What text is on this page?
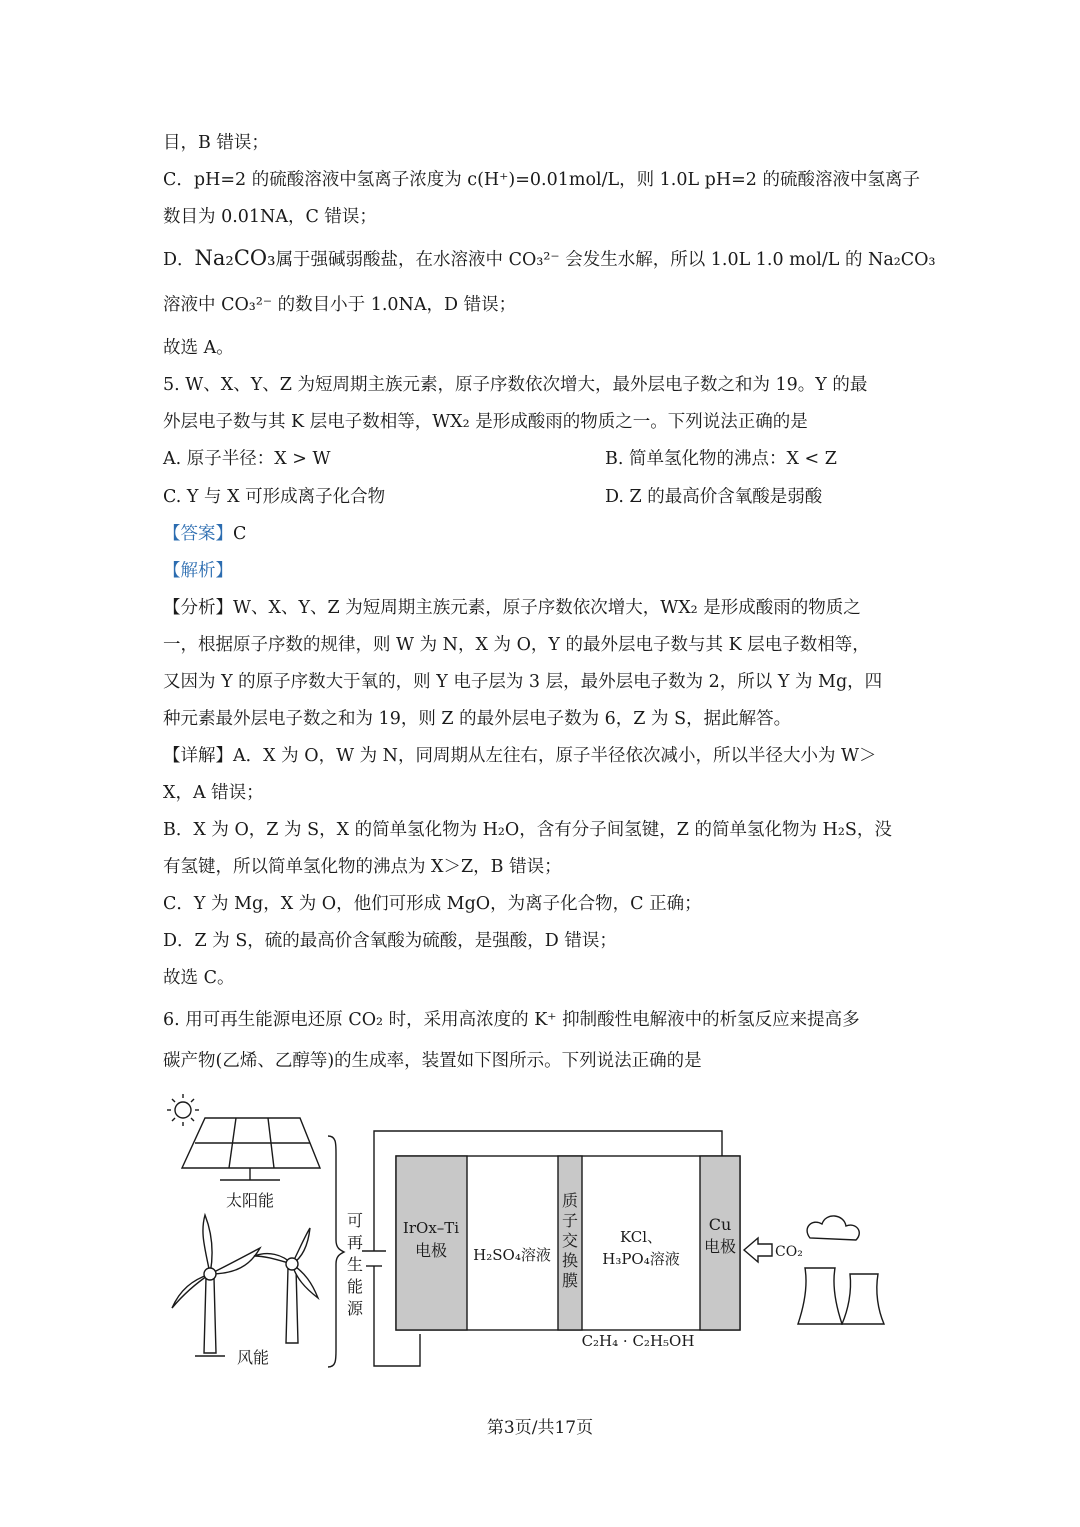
目，B 错误；
C．pH=2 的硫酸溶液中氢离子浓度为 c(H⁺)=0.01mol/L，则 1.0L pH=2 的硫酸溶液中氢离子
数目为 0.01NA，C 错误；
D．Na₂CO₃属于强碱弱酸盐，在水溶液中 CO₃²⁻ 会发生水解，所以 1.0L 1.0 mol/L 的 Na₂CO₃
溶液中 CO₃²⁻ 的数目小于 1.0NA，D 错误；
故选 A。
5. W、X、Y、Z 为短周期主族元素，原子序数依次增大，最外层电子数之和为 19。Y 的最
外层电子数与其 K 层电子数相等，WX₂ 是形成酸雨的物质之一。下列说法正确的是
A. 原子半径：X > W	B. 简单氢化物的沸点：X < Z
C. Y 与 X 可形成离子化合物	D. Z 的最高价含氧酸是弱酸
【答案】C
【解析】
【分析】W、X、Y、Z 为短周期主族元素，原子序数依次增大，WX₂ 是形成酸雨的物质之
一，根据原子序数的规律，则 W 为 N，X 为 O，Y 的最外层电子数与其 K 层电子数相等，
又因为 Y 的原子序数大于氧的，则 Y 电子层为 3 层，最外层电子数为 2，所以 Y 为 Mg，四
种元素最外层电子数之和为 19，则 Z 的最外层电子数为 6，Z 为 S，据此解答。
【详解】A．X 为 O，W 为 N，同周期从左往右，原子半径依次减小，所以半径大小为 W＞
X，A 错误；
B．X 为 O，Z 为 S，X 的简单氢化物为 H₂O，含有分子间氢键，Z 的简单氢化物为 H₂S，没
有氢键，所以简单氢化物的沸点为 X＞Z，B 错误；
C．Y 为 Mg，X 为 O，他们可形成 MgO，为离子化合物，C 正确；
D．Z 为 S，硫的最高价含氧酸为硫酸，是强酸，D 错误；
故选 C。
6. 用可再生能源电还原 CO₂ 时，采用高浓度的 K⁺ 抑制酸性电解液中的析氢反应来提高多
碳产物(乙烯、乙醇等)的生成率，装置如下图所示。下列说法正确的是
太阳能
风能
可
再
生
能
源
IrOx–Ti
电极 H₂SO₄溶液
质
子
交
换
膜
KCl、
H₃PO₄溶液
Cu
电极	CO₂
C₂H₄ · C₂H₅OH
第3页/共17页
